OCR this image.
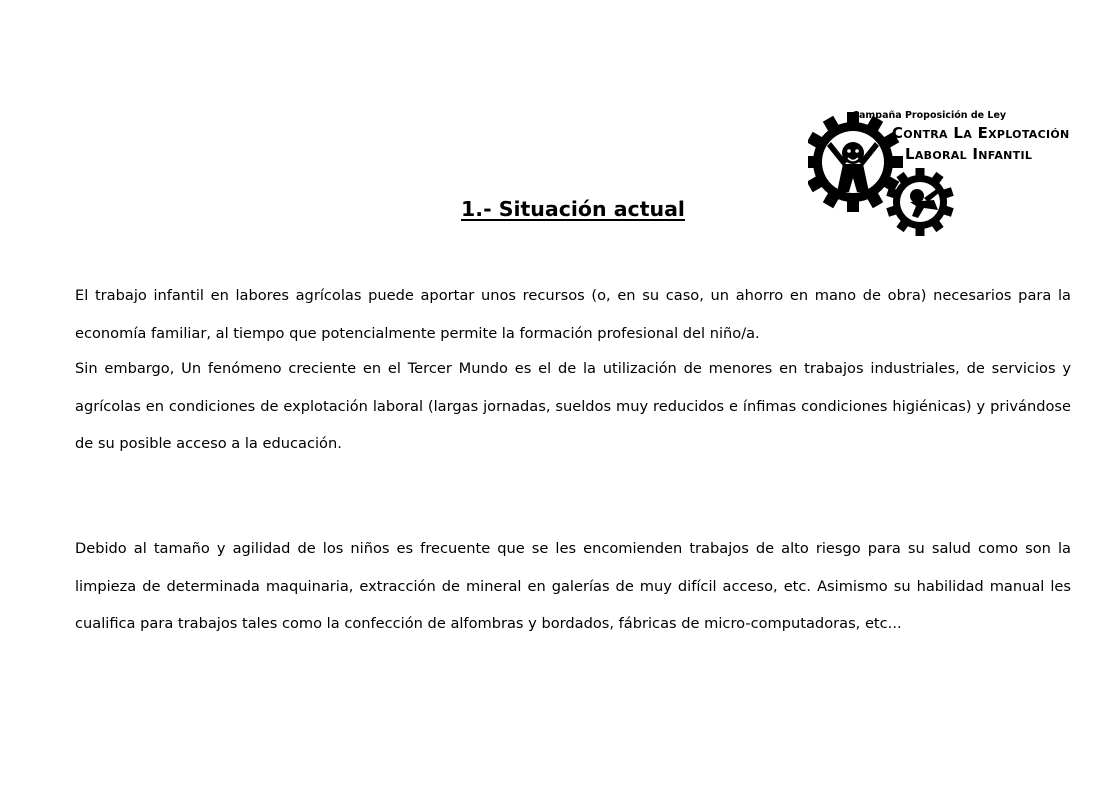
Campaña Proposición de Ley
Contra La Explotación
Laboral Infantil
1.- Situación actual

El trabajo infantil en labores agrícolas puede aportar unos recursos (o, en su caso, un ahorro en mano de obra) necesarios para la economía familiar, al tiempo que potencialmente permite la formación profesional del niño/a.

Sin embargo, Un fenómeno creciente en el Tercer Mundo es el de la utilización de menores en trabajos industriales, de servicios y agrícolas en condiciones de explotación laboral (largas jornadas, sueldos muy reducidos e ínfimas condiciones higiénicas) y privándose de su posible acceso a la educación.

Debido al tamaño y agilidad de los niños es frecuente que se les encomienden trabajos de alto riesgo para su salud como son la limpieza de determinada maquinaria, extracción de mineral en galerías de muy difícil acceso, etc. Asimismo su habilidad manual les cualifica para trabajos tales como la confección de alfombras y bordados, fábricas de micro-computadoras, etc...
